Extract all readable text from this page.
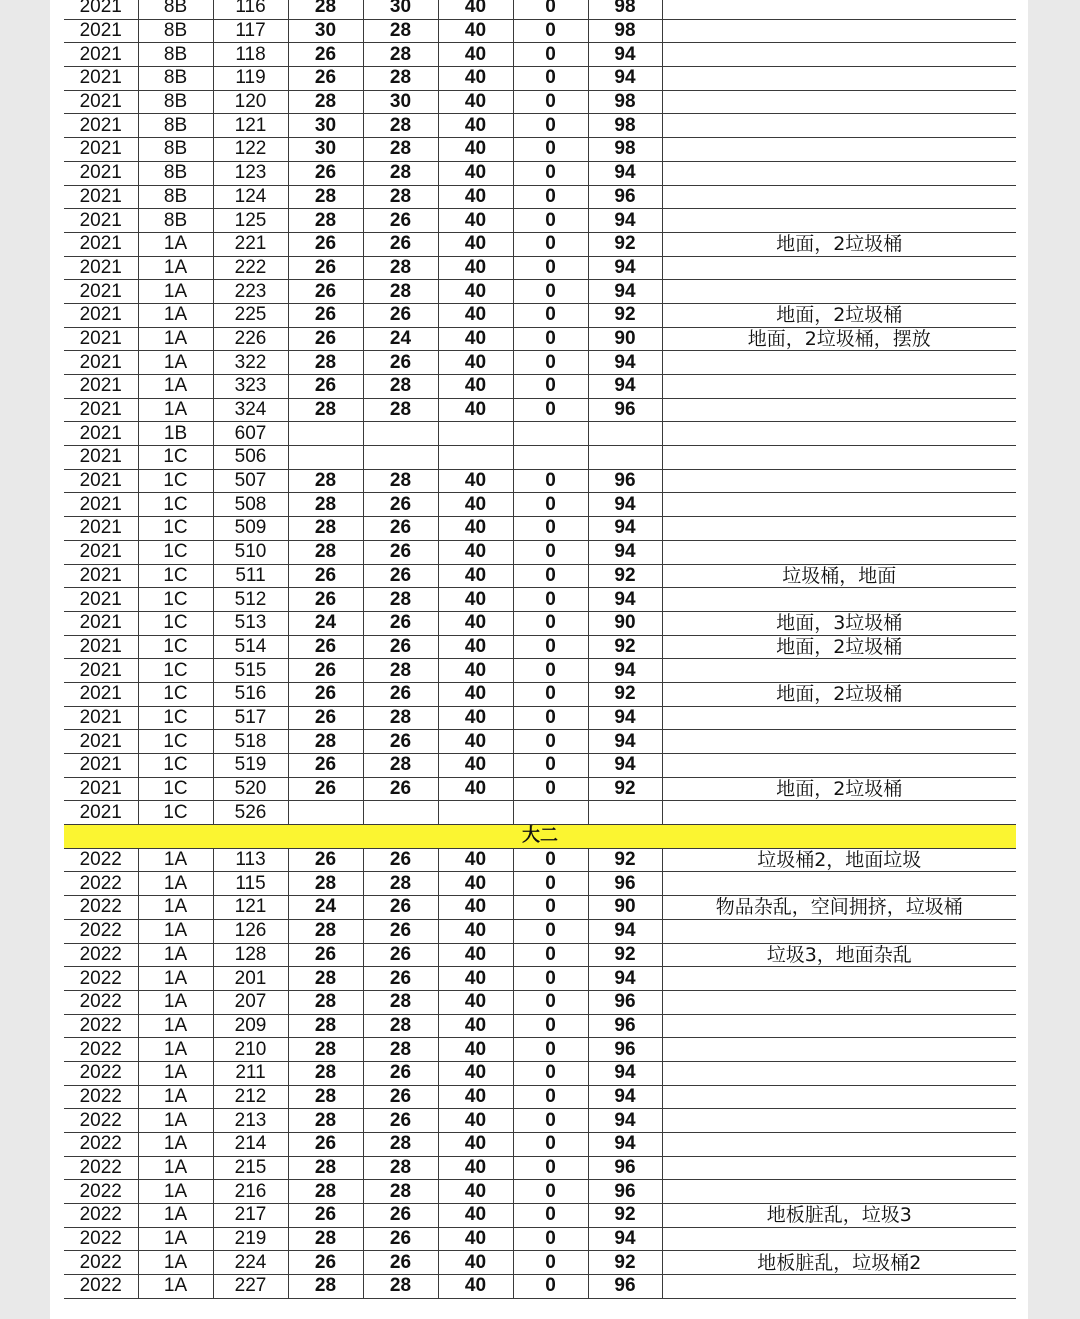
2021	8B	116	28	30	40	0	98	
2021	8B	117	30	28	40	0	98	
2021	8B	118	26	28	40	0	94	
2021	8B	119	26	28	40	0	94	
2021	8B	120	28	30	40	0	98	
2021	8B	121	30	28	40	0	98	
2021	8B	122	30	28	40	0	98	
2021	8B	123	26	28	40	0	94	
2021	8B	124	28	28	40	0	96	
2021	8B	125	28	26	40	0	94	
2021	1A	221	26	26	40	0	92	地面，2垃圾桶
2021	1A	222	26	28	40	0	94	
2021	1A	223	26	28	40	0	94	
2021	1A	225	26	26	40	0	92	地面，2垃圾桶
2021	1A	226	26	24	40	0	90	地面，2垃圾桶，摆放
2021	1A	322	28	26	40	0	94	
2021	1A	323	26	28	40	0	94	
2021	1A	324	28	28	40	0	96	
2021	1B	607						
2021	1C	506						
2021	1C	507	28	28	40	0	96	
2021	1C	508	28	26	40	0	94	
2021	1C	509	28	26	40	0	94	
2021	1C	510	28	26	40	0	94	
2021	1C	511	26	26	40	0	92	垃圾桶，地面
2021	1C	512	26	28	40	0	94	
2021	1C	513	24	26	40	0	90	地面，3垃圾桶
2021	1C	514	26	26	40	0	92	地面，2垃圾桶
2021	1C	515	26	28	40	0	94	
2021	1C	516	26	26	40	0	92	地面，2垃圾桶
2021	1C	517	26	28	40	0	94	
2021	1C	518	28	26	40	0	94	
2021	1C	519	26	28	40	0	94	
2021	1C	520	26	26	40	0	92	地面，2垃圾桶
2021	1C	526						
大二								
2022	1A	113	26	26	40	0	92	垃圾桶2，地面垃圾
2022	1A	115	28	28	40	0	96	
2022	1A	121	24	26	40	0	90	物品杂乱，空间拥挤，垃圾桶
2022	1A	126	28	26	40	0	94	
2022	1A	128	26	26	40	0	92	垃圾3，地面杂乱
2022	1A	201	28	26	40	0	94	
2022	1A	207	28	28	40	0	96	
2022	1A	209	28	28	40	0	96	
2022	1A	210	28	28	40	0	96	
2022	1A	211	28	26	40	0	94	
2022	1A	212	28	26	40	0	94	
2022	1A	213	28	26	40	0	94	
2022	1A	214	26	28	40	0	94	
2022	1A	215	28	28	40	0	96	
2022	1A	216	28	28	40	0	96	
2022	1A	217	26	26	40	0	92	地板脏乱，垃圾3
2022	1A	219	28	26	40	0	94	
2022	1A	224	26	26	40	0	92	地板脏乱，垃圾桶2
2022	1A	227	28	28	40	0	96	
